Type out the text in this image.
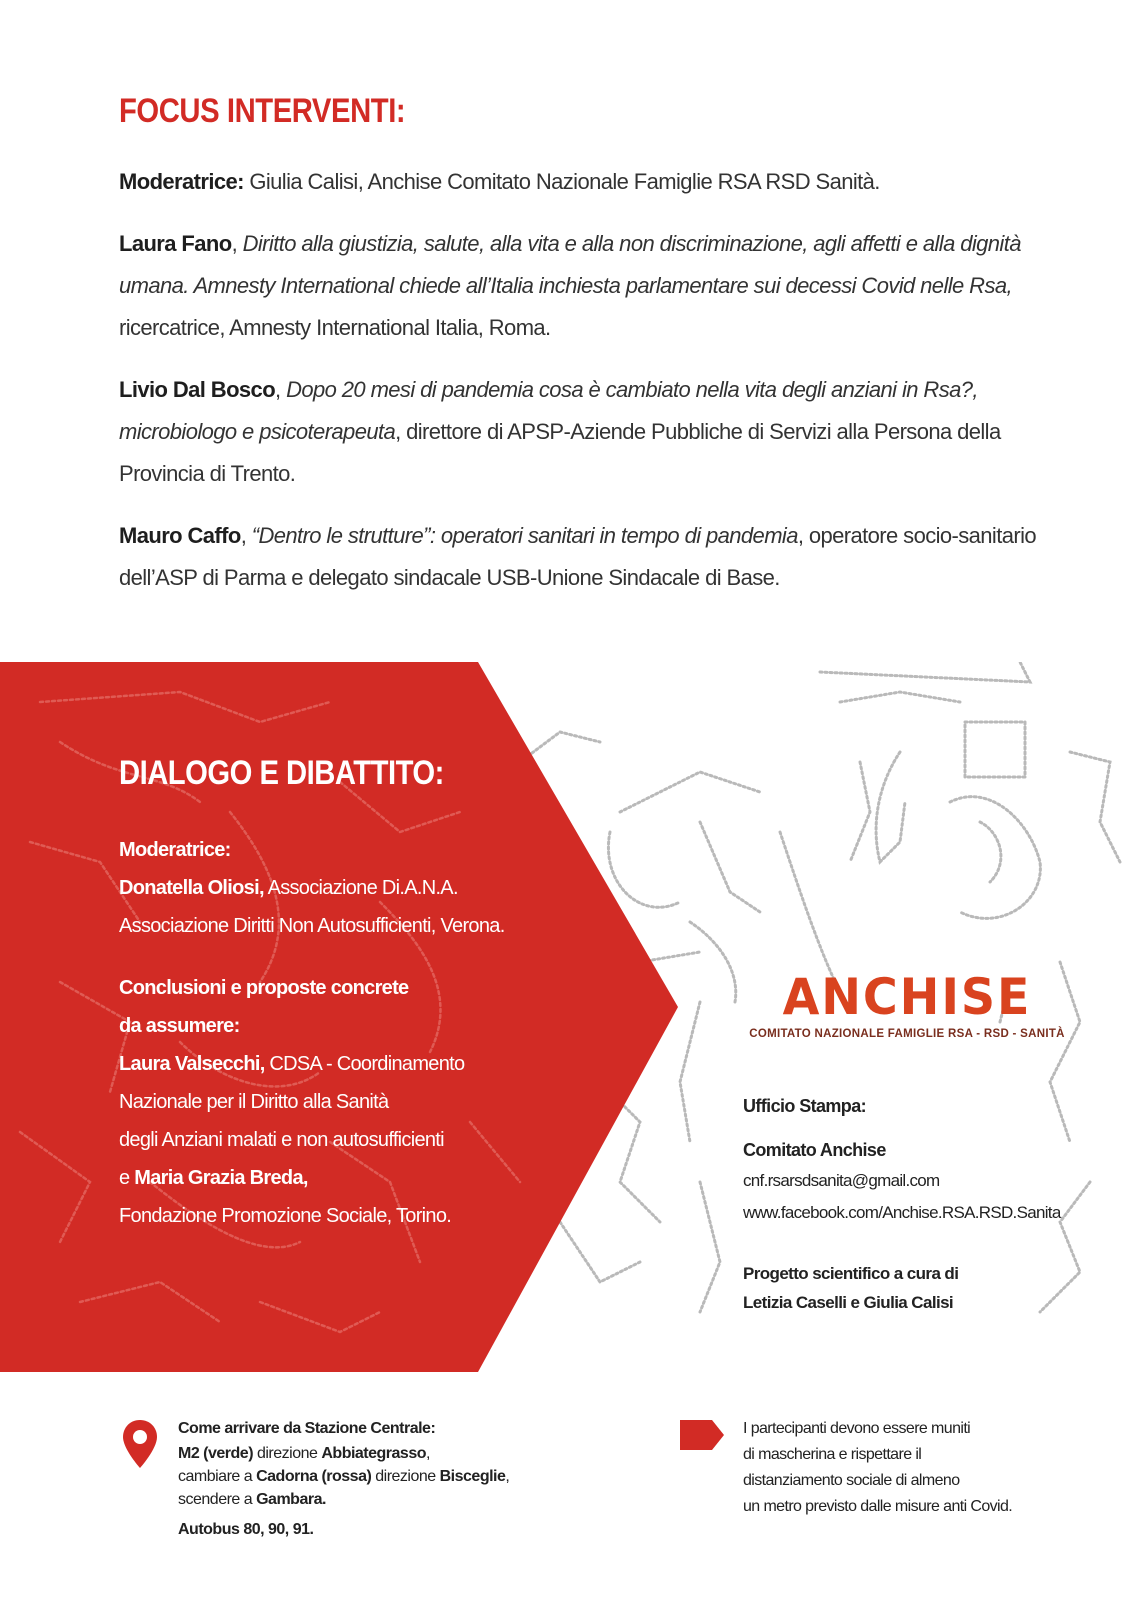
FOCUS INTERVENTI:

Moderatrice: Giulia Calisi, Anchise Comitato Nazionale Famiglie RSA RSD Sanità.

Laura Fano, Diritto alla giustizia, salute, alla vita e alla non discriminazione, agli affetti e alla dignità umana. Amnesty International chiede all’Italia inchiesta parlamentare sui decessi Covid nelle Rsa, ricercatrice, Amnesty International Italia, Roma.

Livio Dal Bosco, Dopo 20 mesi di pandemia cosa è cambiato nella vita degli anziani in Rsa?, microbiologo e psicoterapeuta, direttore di APSP-Aziende Pubbliche di Servizi alla Persona della Provincia di Trento.

Mauro Caffo, “Dentro le strutture”: operatori sanitari in tempo di pandemia, operatore socio-sanitario dell’ASP di Parma e delegato sindacale USB-Unione Sindacale di Base.

DIALOGO E DIBATTITO:
Moderatrice:
Donatella Oliosi, Associazione Di.A.N.A.
Associazione Diritti Non Autosufficienti, Verona.
Conclusioni e proposte concrete
da assumere:
Laura Valsecchi, CDSA - Coordinamento
Nazionale per il Diritto alla Sanità
degli Anziani malati e non autosufficienti
e Maria Grazia Breda,
Fondazione Promozione Sociale, Torino.
ANCHISE
COMITATO NAZIONALE FAMIGLIE RSA - RSD - SANITÀ
Ufficio Stampa:
Comitato Anchise
cnf.rsarsdsanita@gmail.com
www.facebook.com/Anchise.RSA.RSD.Sanita
Progetto scientifico a cura di
Letizia Caselli e Giulia Calisi
Come arrivare da Stazione Centrale:
M2 (verde) direzione Abbiategrasso,
cambiare a Cadorna (rossa) direzione Bisceglie,
scendere a Gambara.
Autobus 80, 90, 91.
I partecipanti devono essere muniti
di mascherina e rispettare il
distanziamento sociale di almeno
un metro previsto dalle misure anti Covid.
